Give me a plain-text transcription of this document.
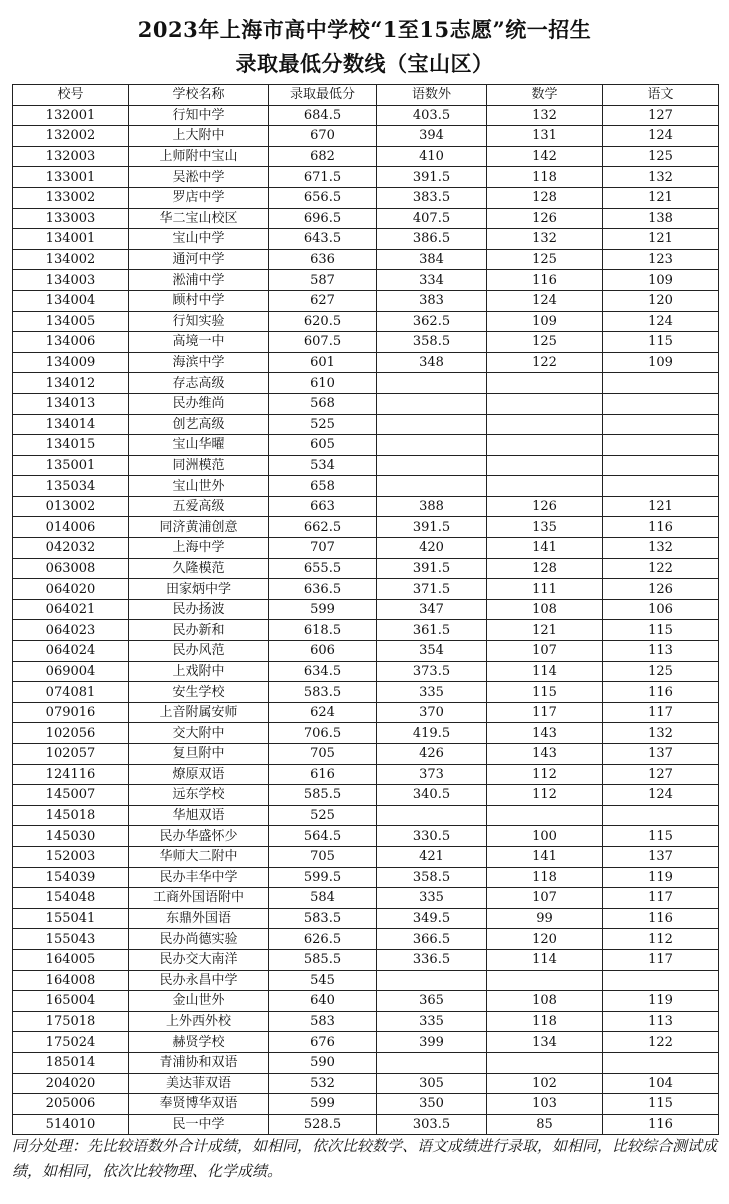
2023年上海市高中学校“1至15志愿”统一招生
录取最低分数线（宝山区）
校号	学校名称	录取最低分	语数外	数学	语文
132001	行知中学	684.5	403.5	132	127
132002	上大附中	670	394	131	124
132003	上师附中宝山	682	410	142	125
133001	吴淞中学	671.5	391.5	118	132
133002	罗店中学	656.5	383.5	128	121
133003	华二宝山校区	696.5	407.5	126	138
134001	宝山中学	643.5	386.5	132	121
134002	通河中学	636	384	125	123
134003	淞浦中学	587	334	116	109
134004	顾村中学	627	383	124	120
134005	行知实验	620.5	362.5	109	124
134006	高境一中	607.5	358.5	125	115
134009	海滨中学	601	348	122	109
134012	存志高级	610			
134013	民办维尚	568			
134014	创艺高级	525			
134015	宝山华曜	605			
135001	同洲模范	534			
135034	宝山世外	658			
013002	五爱高级	663	388	126	121
014006	同济黄浦创意	662.5	391.5	135	116
042032	上海中学	707	420	141	132
063008	久隆模范	655.5	391.5	128	122
064020	田家炳中学	636.5	371.5	111	126
064021	民办扬波	599	347	108	106
064023	民办新和	618.5	361.5	121	115
064024	民办风范	606	354	107	113
069004	上戏附中	634.5	373.5	114	125
074081	安生学校	583.5	335	115	116
079016	上音附属安师	624	370	117	117
102056	交大附中	706.5	419.5	143	132
102057	复旦附中	705	426	143	137
124116	燎原双语	616	373	112	127
145007	远东学校	585.5	340.5	112	124
145018	华旭双语	525			
145030	民办华盛怀少	564.5	330.5	100	115
152003	华师大二附中	705	421	141	137
154039	民办丰华中学	599.5	358.5	118	119
154048	工商外国语附中	584	335	107	117
155041	东鼎外国语	583.5	349.5	99	116
155043	民办尚德实验	626.5	366.5	120	112
164005	民办交大南洋	585.5	336.5	114	117
164008	民办永昌中学	545			
165004	金山世外	640	365	108	119
175018	上外西外校	583	335	118	113
175024	赫贤学校	676	399	134	122
185014	青浦协和双语	590			
204020	美达菲双语	532	305	102	104
205006	奉贤博华双语	599	350	103	115
514010	民一中学	528.5	303.5	85	116
同分处理：先比较语数外合计成绩，如相同，依次比较数学、语文成绩进行录取，如相同，比较综合测试成绩，如相同，依次比较物理、化学成绩。
